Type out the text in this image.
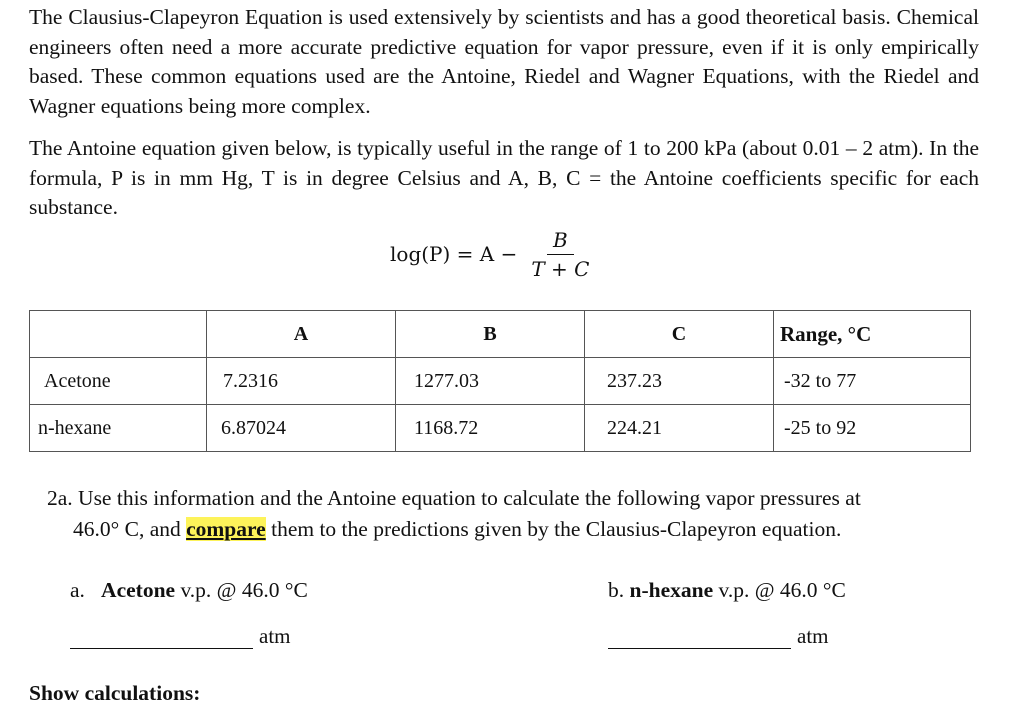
The Clausius-Clapeyron Equation is used extensively by scientists and has a good theoretical basis. Chemical engineers often need a more accurate predictive equation for vapor pressure, even if it is only empirically based. These common equations used are the Antoine, Riedel and Wagner Equations, with the Riedel and Wagner equations being more complex.

The Antoine equation given below, is typically useful in the range of 1 to 200 kPa (about 0.01 – 2 atm). In the formula, P is in mm Hg, T is in degree Celsius and A, B, C = the Antoine coefficients specific for each substance.

$\log(P) = A - \frac{B}{T + C}$
	A	B	C	Range, °C
Acetone	7.2316	1277.03	237.23	-32 to 77
n-hexane	6.87024	1168.72	224.21	-25 to 92
2a. Use this information and the Antoine equation to calculate the following vapor pressures at
46.0° C, and compare them to the predictions given by the Clausius-Clapeyron equation.
a. Acetone v.p. @ 46.0 °C	b. n-hexane v.p. @ 46.0 °C
atm	atm
Show calculations:
